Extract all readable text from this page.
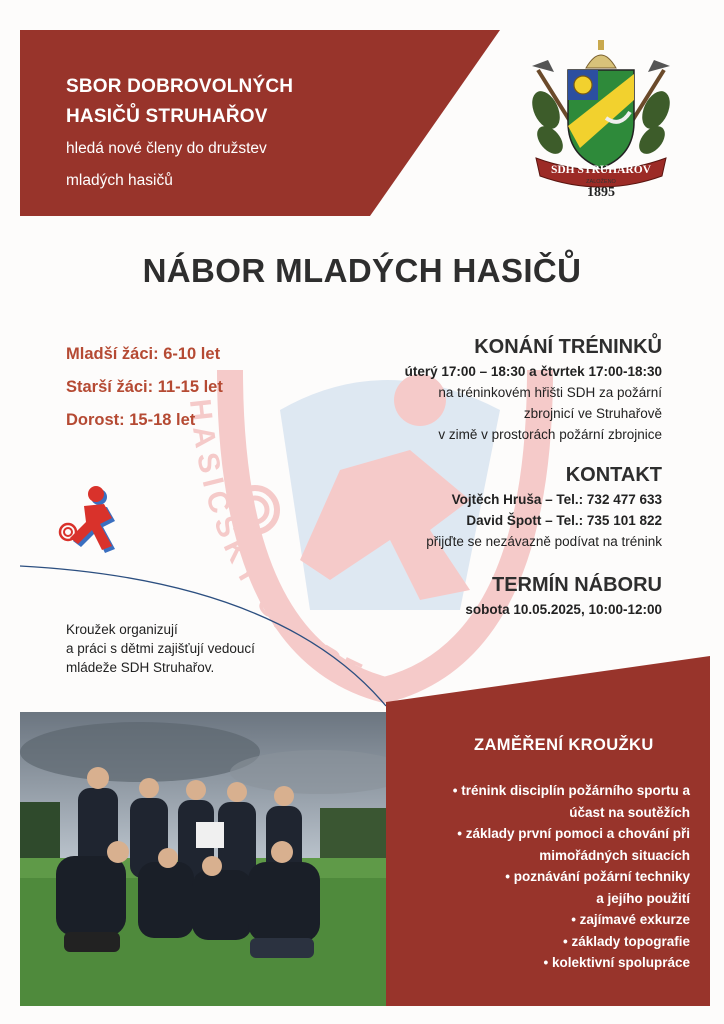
SBOR DOBROVOLNÝCH
HASIČŮ STRUHAŘOV
hledá nové členy do družstev
mladých hasičů
SDH STRUHAŘOV
ZALOŽENO
1895
NÁBOR MLADÝCH HASIČŮ
HASIČSKÝ SPORT
Mladší žáci: 6-10 let
Starší žáci: 11-15 let
Dorost: 15-18 let
KONÁNÍ TRÉNINKŮ
úterý 17:00 – 18:30 a čtvrtek 17:00-18:30
na tréninkovém hřišti SDH za požární
zbrojnicí ve Struhařově
v zimě v prostorách požární zbrojnice
KONTAKT
Vojtěch Hruša – Tel.: 732 477 633
David Špott – Tel.: 735 101 822
přijďte se nezávazně podívat na trénink
TERMÍN NÁBORU
sobota 10.05.2025, 10:00-12:00
Kroužek organizují
a práci s dětmi zajišťují vedoucí
mládeže SDH Struhařov.
ZAMĚŘENÍ KROUŽKU
• trénink disciplín požárního sportu a
účast na soutěžích
• základy první pomoci a chování při
mimořádných situacích
• poznávání požární techniky
a jejího použití
• zajímavé exkurze
• základy topografie
• kolektivní spolupráce
